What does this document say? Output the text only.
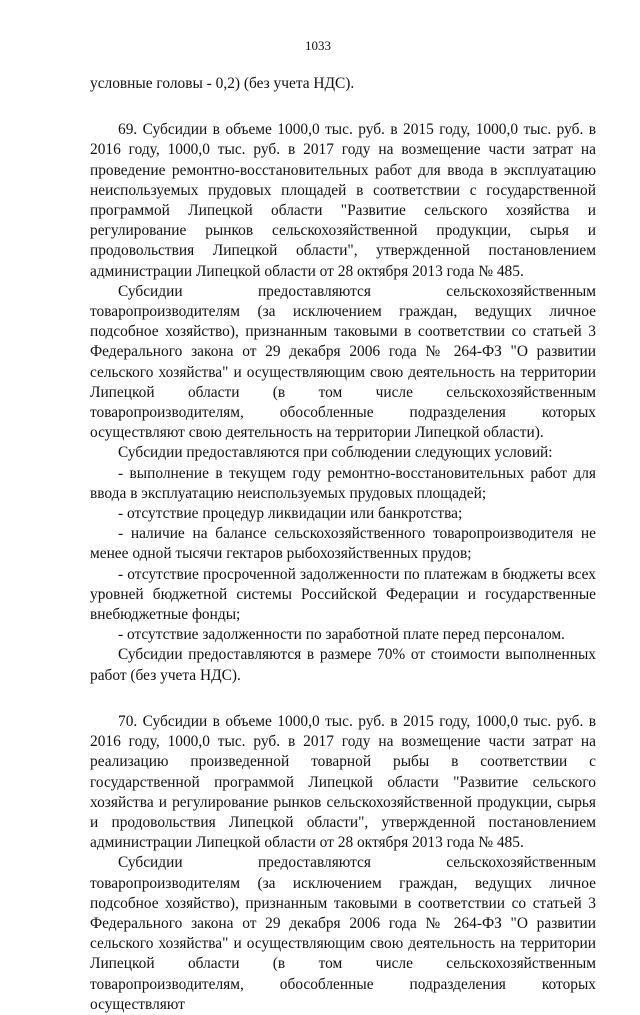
1033

условные головы - 0,2) (без учета НДС).

69. Субсидии в объеме 1000,0 тыс. руб. в 2015 году, 1000,0 тыс. руб. в 2016 году, 1000,0 тыс. руб. в 2017 году на возмещение части затрат на проведение ремонтно-восстановительных работ для ввода в эксплуатацию неиспользуемых прудовых площадей в соответствии с государственной программой Липецкой области "Развитие сельского хозяйства и регулирование рынков сельскохозяйственной продукции, сырья и продовольствия Липецкой области", утвержденной постановлением администрации Липецкой области от 28 октября 2013 года № 485.

Субсидии предоставляются сельскохозяйственным товаропроизводителям (за исключением граждан, ведущих личное подсобное хозяйство), признанным таковыми в соответствии со статьей 3 Федерального закона от 29 декабря 2006 года № 264-ФЗ "О развитии сельского хозяйства" и осуществляющим свою деятельность на территории Липецкой области (в том числе сельскохозяйственным товаропроизводителям, обособленные подразделения которых осуществляют свою деятельность на территории Липецкой области).

Субсидии предоставляются при соблюдении следующих условий:

- выполнение в текущем году ремонтно-восстановительных работ для ввода в эксплуатацию неиспользуемых прудовых площадей;

- отсутствие процедур ликвидации или банкротства;

- наличие на балансе сельскохозяйственного товаропроизводителя не менее одной тысячи гектаров рыбохозяйственных прудов;

- отсутствие просроченной задолженности по платежам в бюджеты всех уровней бюджетной системы Российской Федерации и государственные внебюджетные фонды;

- отсутствие задолженности по заработной плате перед персоналом.

Субсидии предоставляются в размере 70% от стоимости выполненных работ (без учета НДС).

70. Субсидии в объеме 1000,0 тыс. руб. в 2015 году, 1000,0 тыс. руб. в 2016 году, 1000,0 тыс. руб. в 2017 году на возмещение части затрат на реализацию произведенной товарной рыбы в соответствии с государственной программой Липецкой области "Развитие сельского хозяйства и регулирование рынков сельскохозяйственной продукции, сырья и продовольствия Липецкой области", утвержденной постановлением администрации Липецкой области от 28 октября 2013 года № 485.

Субсидии предоставляются сельскохозяйственным товаропроизводителям (за исключением граждан, ведущих личное подсобное хозяйство), признанным таковыми в соответствии со статьей 3 Федерального закона от 29 декабря 2006 года № 264-ФЗ "О развитии сельского хозяйства" и осуществляющим свою деятельность на территории Липецкой области (в том числе сельскохозяйственным товаропроизводителям, обособленные подразделения которых осуществляют
